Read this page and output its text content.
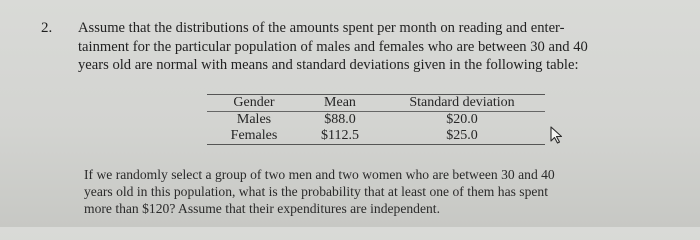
2. Assume that the distributions of the amounts spent per month on reading and enter-
tainment for the particular population of males and females who are between 30 and 40
years old are normal with means and standard deviations given in the following table:
Gender	Mean	Standard deviation
Males	$88.0	$20.0
Females	$112.5	$25.0
If we randomly select a group of two men and two women who are between 30 and 40
years old in this population, what is the probability that at least one of them has spent
more than $120? Assume that their expenditures are independent.
